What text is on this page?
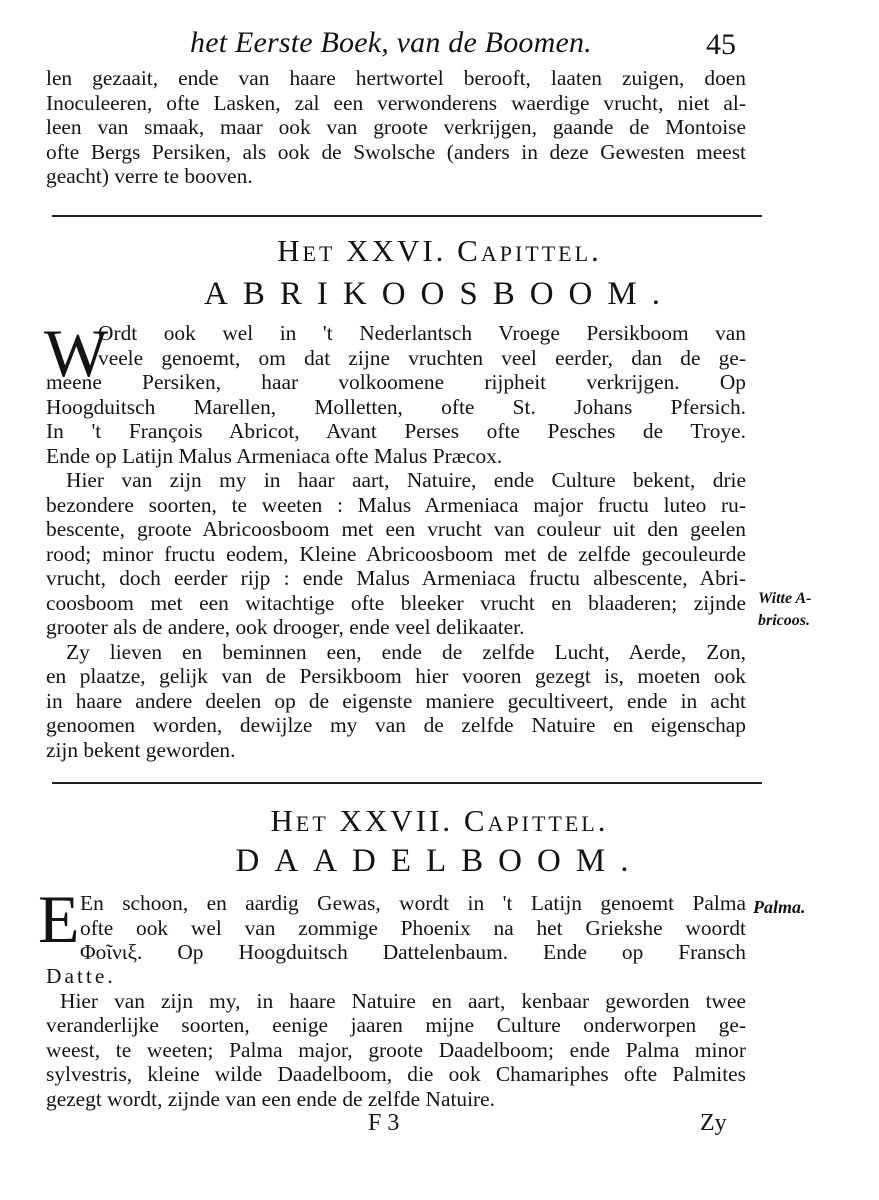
het Eerste Boek, van de Boomen.	45
len gezaait, ende van haare hertwortel berooft, laaten zuigen, doen
Inoculeeren, ofte Lasken, zal een verwonderens waerdige vrucht, niet al-
leen van smaak, maar ook van groote verkrijgen, gaande de Montoise
ofte Bergs Persiken, als ook de Swolsche (anders in deze Gewesten meest
geacht) verre te booven.
Het XXVI. Capittel.
ABRIKOOSBOOM.
W
Ordt ook wel in 't Nederlantsch Vroege Persikboom van
veele genoemt, om dat zijne vruchten veel eerder, dan de ge-
meene Persiken, haar volkoomene rijpheit verkrijgen. Op
Hoogduitsch Marellen, Molletten, ofte St. Johans Pfersich.
In 't François Abricot, Avant Perses ofte Pesches de Troye.
Ende op Latijn Malus Armeniaca ofte Malus Præcox.
Hier van zijn my in haar aart, Natuire, ende Culture bekent, drie
bezondere soorten, te weeten : Malus Armeniaca major fructu luteo ru-
bescente, groote Abricoosboom met een vrucht van couleur uit den geelen
rood; minor fructu eodem, Kleine Abricoosboom met de zelfde gecouleurde
vrucht, doch eerder rijp : ende Malus Armeniaca fructu albescente, Abri-
coosboom met een witachtige ofte bleeker vrucht en blaaderen; zijnde
grooter als de andere, ook drooger, ende veel delikaater.
Zy lieven en beminnen een, ende de zelfde Lucht, Aerde, Zon,
en plaatze, gelijk van de Persikboom hier vooren gezegt is, moeten ook
in haare andere deelen op de eigenste maniere gecultiveert, ende in acht
genoomen worden, dewijlze my van de zelfde Natuire en eigenschap
zijn bekent geworden.
Witte A-
bricoos.
Het XXVII. Capittel.
DAADELBOOM.
E En schoon, en aardig Gewas, wordt in 't Latijn genoemt Palma
ofte ook wel van zommige Phoenix na het Griekshe woordt
Φοῖνιξ. Op Hoogduitsch Dattelenbaum. Ende op Fransch
Datte.
Hier van zijn my, in haare Natuire en aart, kenbaar geworden twee
veranderlijke soorten, eenige jaaren mijne Culture onderworpen ge-
weest, te weeten; Palma major, groote Daadelboom; ende Palma minor
sylvestris, kleine wilde Daadelboom, die ook Chamariphes ofte Palmites
gezegt wordt, zijnde van een ende de zelfde Natuire.
Palma.
F 3	Zy
